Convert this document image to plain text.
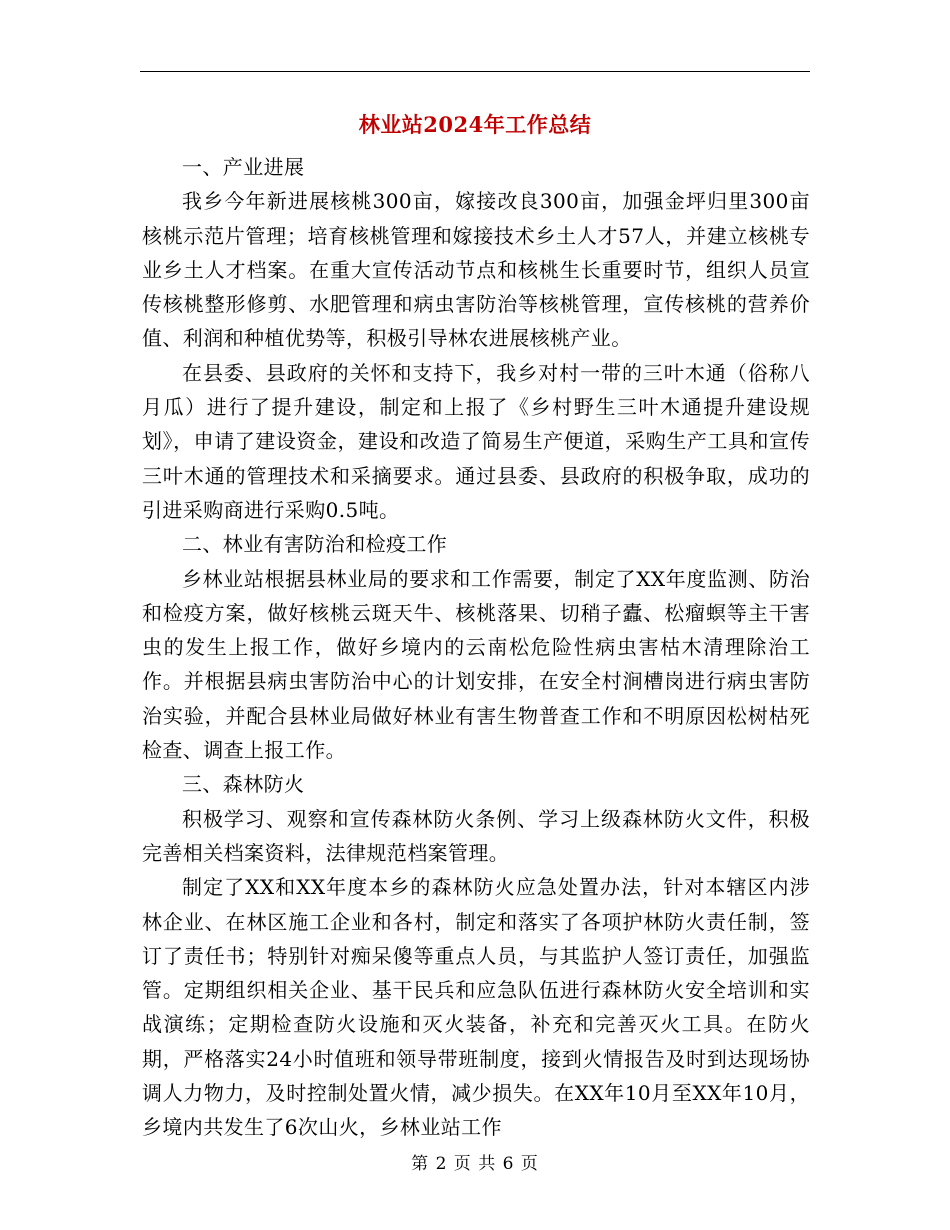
林业站2024年工作总结

一、产业进展

我乡今年新进展核桃300亩，嫁接改良300亩，加强金坪归里300亩核桃示范片管理；培育核桃管理和嫁接技术乡土人才57人，并建立核桃专业乡土人才档案。在重大宣传活动节点和核桃生长重要时节，组织人员宣传核桃整形修剪、水肥管理和病虫害防治等核桃管理，宣传核桃的营养价值、利润和种植优势等，积极引导林农进展核桃产业。

在县委、县政府的关怀和支持下，我乡对村一带的三叶木通（俗称八月瓜）进行了提升建设，制定和上报了《乡村野生三叶木通提升建设规划》，申请了建设资金，建设和改造了简易生产便道，采购生产工具和宣传三叶木通的管理技术和采摘要求。通过县委、县政府的积极争取，成功的引进采购商进行采购0.5吨。

二、林业有害防治和检疫工作

乡林业站根据县林业局的要求和工作需要，制定了XX年度监测、防治和检疫方案，做好核桃云斑天牛、核桃落果、切稍子蠹、松瘤螟等主干害虫的发生上报工作，做好乡境内的云南松危险性病虫害枯木清理除治工作。并根据县病虫害防治中心的计划安排，在安全村涧槽岗进行病虫害防治实验，并配合县林业局做好林业有害生物普查工作和不明原因松树枯死检查、调查上报工作。

三、森林防火

积极学习、观察和宣传森林防火条例、学习上级森林防火文件，积极完善相关档案资料，法律规范档案管理。

制定了XX和XX年度本乡的森林防火应急处置办法，针对本辖区内涉林企业、在林区施工企业和各村，制定和落实了各项护林防火责任制，签订了责任书；特别针对痴呆傻等重点人员，与其监护人签订责任，加强监管。定期组织相关企业、基干民兵和应急队伍进行森林防火安全培训和实战演练；定期检查防火设施和灭火装备，补充和完善灭火工具。在防火期，严格落实24小时值班和领导带班制度，接到火情报告及时到达现场协调人力物力，及时控制处置火情，减少损失。在XX年10月至XX年10月，乡境内共发生了6次山火，乡林业站工作

第 2 页 共 6 页
